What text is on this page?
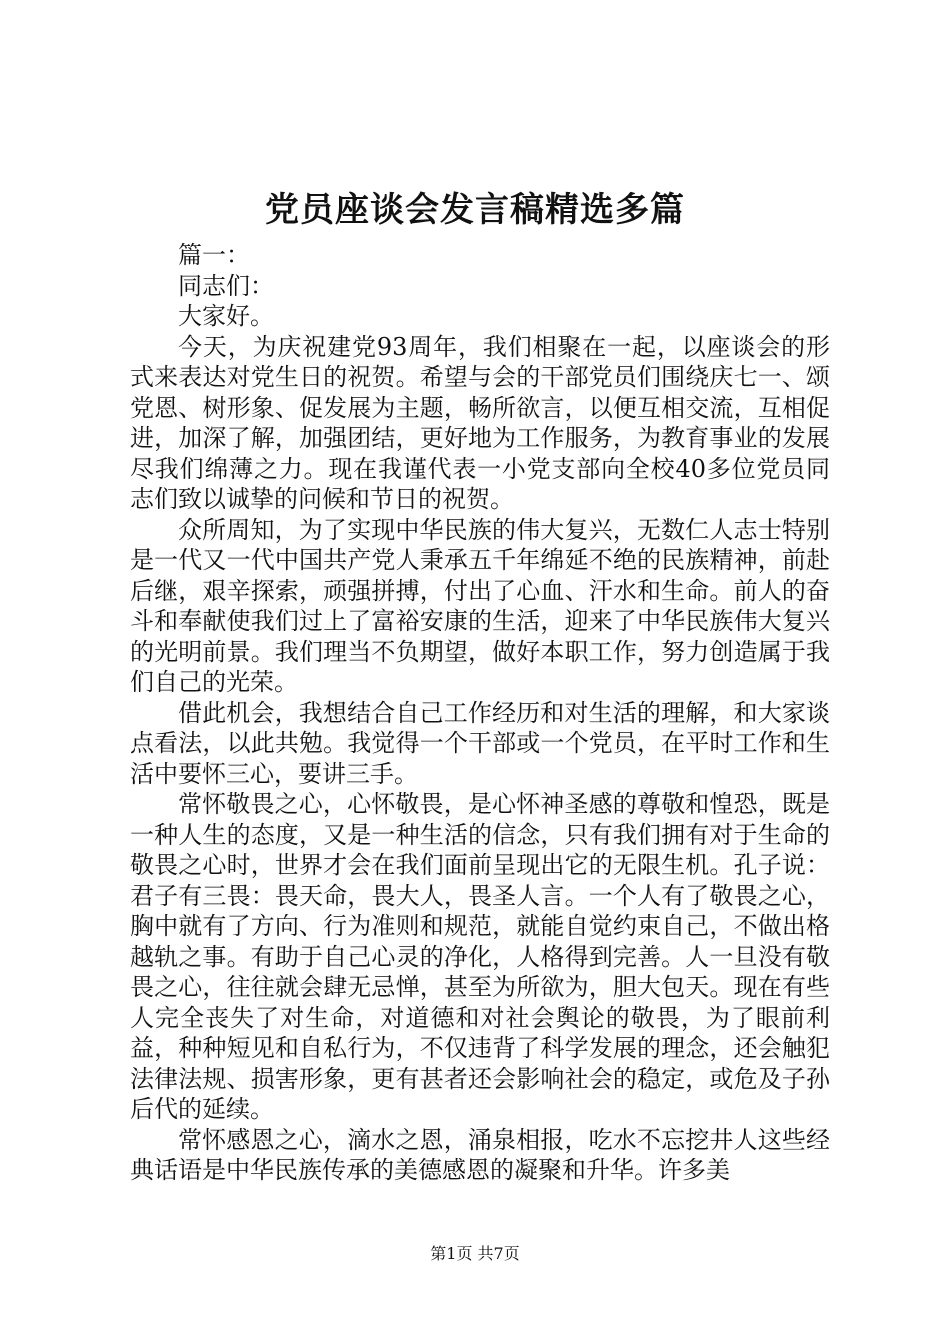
党员座谈会发言稿精选多篇

篇一：

同志们：

大家好。

今天，为庆祝建党93周年，我们相聚在一起，以座谈会的形式来表达对党生日的祝贺。希望与会的干部党员们围绕庆七一、颂党恩、树形象、促发展为主题，畅所欲言，以便互相交流，互相促进，加深了解，加强团结，更好地为工作服务，为教育事业的发展尽我们绵薄之力。现在我谨代表一小党支部向全校40多位党员同志们致以诚挚的问候和节日的祝贺。

众所周知，为了实现中华民族的伟大复兴，无数仁人志士特别是一代又一代中国共产党人秉承五千年绵延不绝的民族精神，前赴后继，艰辛探索，顽强拼搏，付出了心血、汗水和生命。前人的奋斗和奉献使我们过上了富裕安康的生活，迎来了中华民族伟大复兴的光明前景。我们理当不负期望，做好本职工作，努力创造属于我们自己的光荣。

借此机会，我想结合自己工作经历和对生活的理解，和大家谈点看法，以此共勉。我觉得一个干部或一个党员，在平时工作和生活中要怀三心，要讲三手。

常怀敬畏之心，心怀敬畏，是心怀神圣感的尊敬和惶恐，既是一种人生的态度，又是一种生活的信念，只有我们拥有对于生命的敬畏之心时，世界才会在我们面前呈现出它的无限生机。孔子说：君子有三畏：畏天命，畏大人，畏圣人言。一个人有了敬畏之心，胸中就有了方向、行为准则和规范，就能自觉约束自己，不做出格越轨之事。有助于自己心灵的净化，人格得到完善。人一旦没有敬畏之心，往往就会肆无忌惮，甚至为所欲为，胆大包天。现在有些人完全丧失了对生命，对道德和对社会舆论的敬畏，为了眼前利益，种种短见和自私行为，不仅违背了科学发展的理念，还会触犯法律法规、损害形象，更有甚者还会影响社会的稳定，或危及子孙后代的延续。

常怀感恩之心，滴水之恩，涌泉相报，吃水不忘挖井人这些经典话语是中华民族传承的美德感恩的凝聚和升华。许多美

第1页 共7页
